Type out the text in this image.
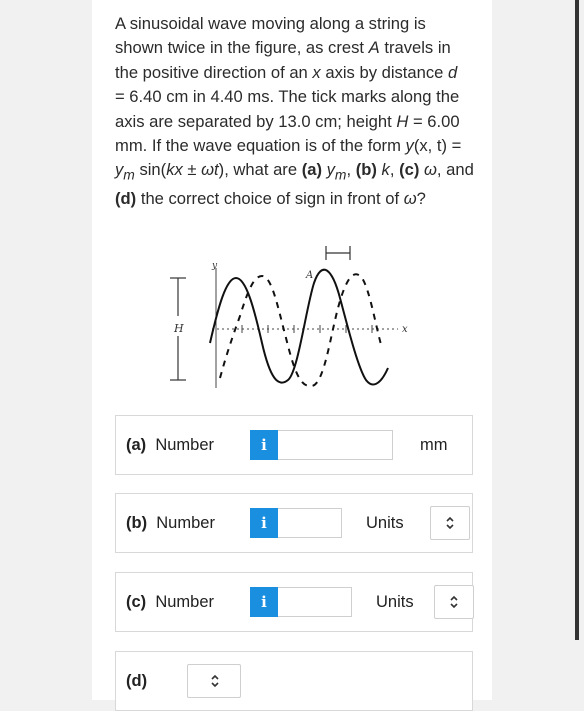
A sinusoidal wave moving along a string is
shown twice in the figure, as crest A travels in
the positive direction of an x axis by distance d
= 6.40 cm in 4.40 ms. The tick marks along the
axis are separated by 13.0 cm; height H = 6.00
mm. If the wave equation is of the form y(x, t) =
$y_m$ sin(kx ± ωt), what are (a) $y_m$, (b) k, (c) ω, and
(d) the correct choice of sign in front of ω?
H	x
y
A
(a) Number	i	mm
(b) Number	i	Units
(c) Number	i	Units
(d)
